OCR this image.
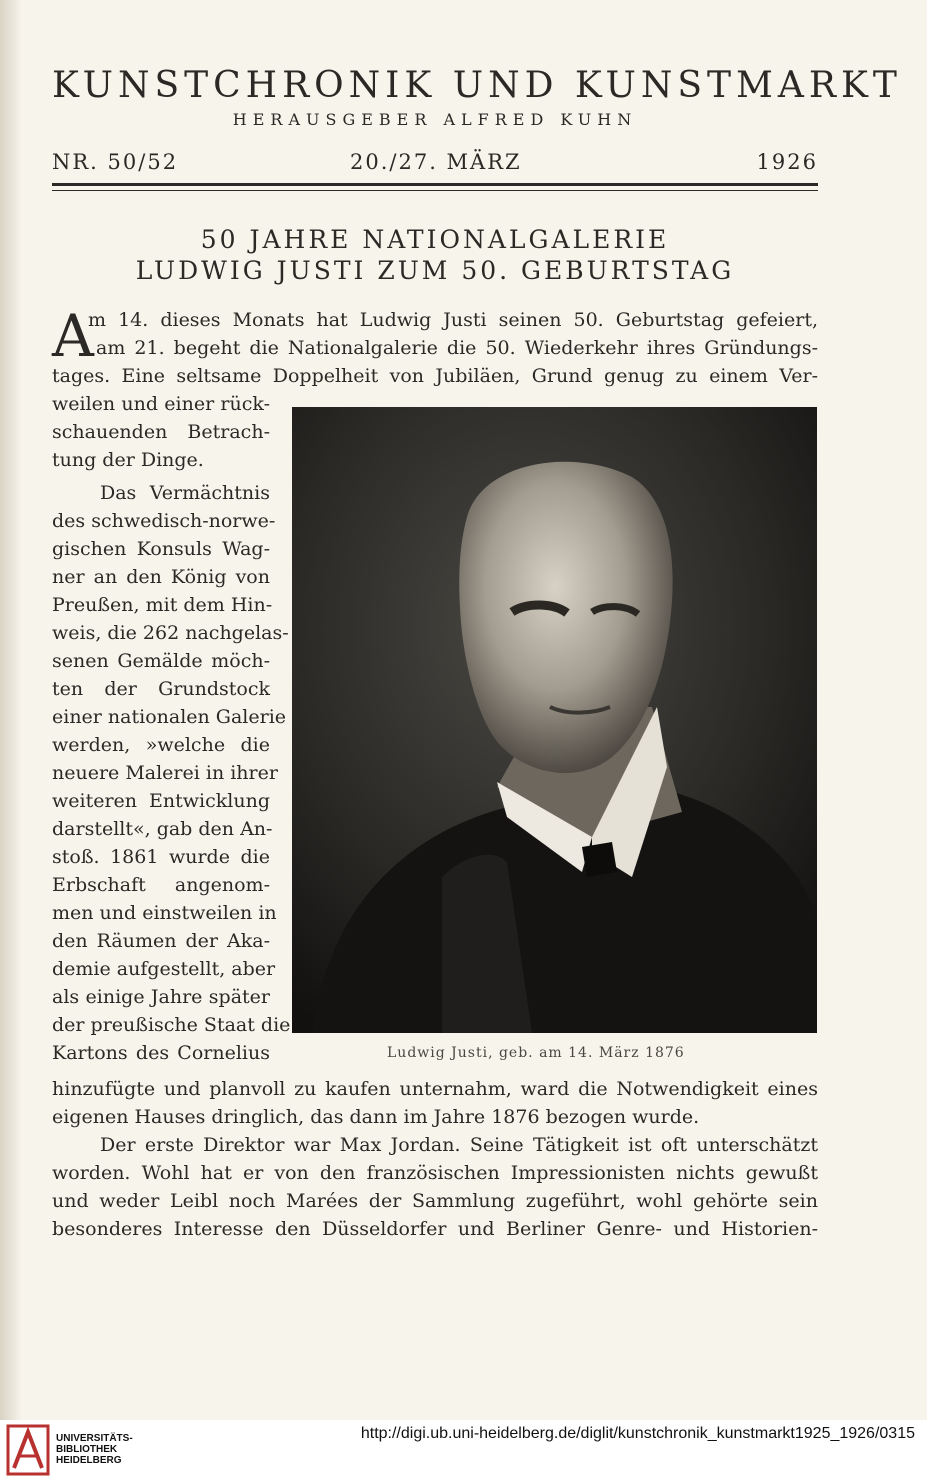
KUNSTCHRONIK UND KUNSTMARKT
HERAUSGEBER ALFRED KUHN
NR. 50/52	20./27. MÄRZ	1926
50 JAHRE NATIONALGALERIE
LUDWIG JUSTI ZUM 50. GEBURTSTAG
A
m 14. dieses Monats hat Ludwig Justi seinen 50. Geburtstag gefeiert,
am 21. begeht die Nationalgalerie die 50. Wiederkehr ihres Gründungs-
tages. Eine seltsame Doppelheit von Jubiläen, Grund genug zu einem Ver-
weilen und einer rück-
schauenden Betrach-
tung der Dinge.
Das Vermächtnis
des schwedisch-norwe-
gischen Konsuls Wag-
ner an den König von
Preußen, mit dem Hin-
weis, die 262 nachgelas-
senen Gemälde möch-
ten der Grundstock
einer nationalen Galerie
werden, »welche die
neuere Malerei in ihrer
weiteren Entwicklung
darstellt«, gab den An-
stoß. 1861 wurde die
Erbschaft angenom-
men und einstweilen in
den Räumen der Aka-
demie aufgestellt, aber
als einige Jahre später
der preußische Staat die
Kartons des Cornelius	Ludwig Justi, geb. am 14. März 1876
hinzufügte und planvoll zu kaufen unternahm, ward die Notwendigkeit eines
eigenen Hauses dringlich, das dann im Jahre 1876 bezogen wurde.
Der erste Direktor war Max Jordan. Seine Tätigkeit ist oft unterschätzt
worden. Wohl hat er von den französischen Impressionisten nichts gewußt
und weder Leibl noch Marées der Sammlung zugeführt, wohl gehörte sein
besonderes Interesse den Düsseldorfer und Berliner Genre- und Historien-
UNIVERSITÄTS-
BIBLIOTHEK
HEIDELBERG
http://digi.ub.uni-heidelberg.de/diglit/kunstchronik_kunstmarkt1925_1926/0315
